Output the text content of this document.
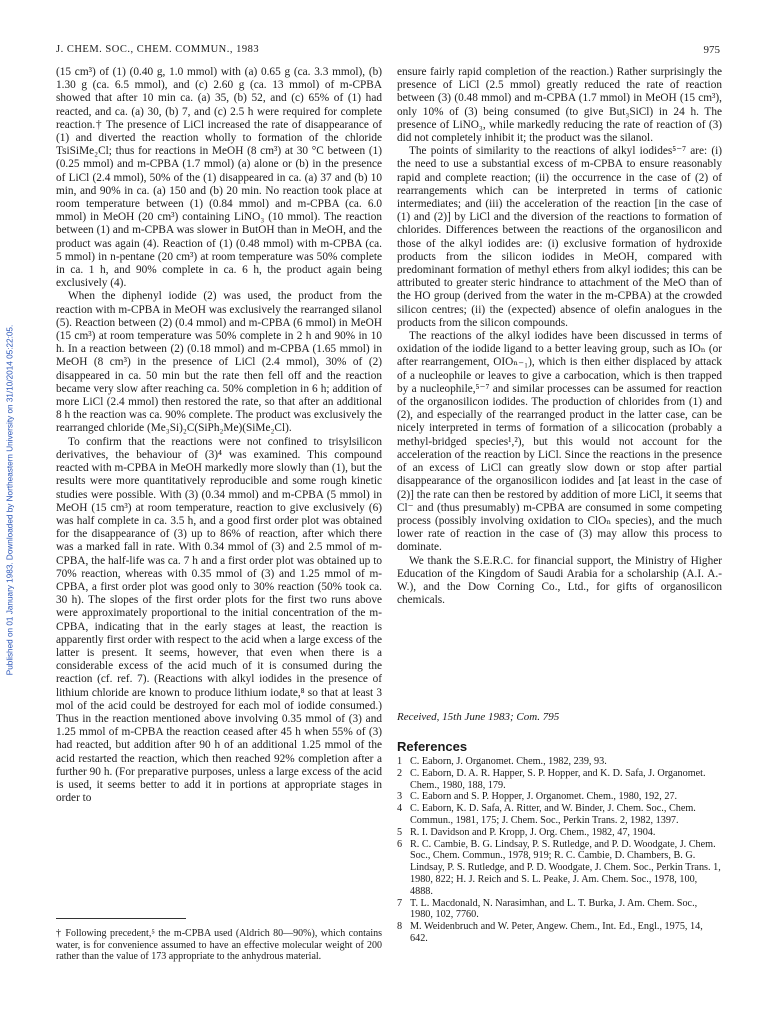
J. CHEM. SOC., CHEM. COMMUN., 1983	975
Published on 01 January 1983. Downloaded by Northeastern University on 31/10/2014 05:22:05.

(15 cm³) of (1) (0.40 g, 1.0 mmol) with (a) 0.65 g (ca. 3.3 mmol), (b) 1.30 g (ca. 6.5 mmol), and (c) 2.60 g (ca. 13 mmol) of m-CPBA showed that after 10 min ca. (a) 35, (b) 52, and (c) 65% of (1) had reacted, and ca. (a) 30, (b) 7, and (c) 2.5 h were required for complete reaction.† The presence of LiCl increased the rate of disappearance of (1) and diverted the reaction wholly to formation of the chloride TsiSiMe₂Cl; thus for reactions in MeOH (8 cm³) at 30 °C between (1) (0.25 mmol) and m-CPBA (1.7 mmol) (a) alone or (b) in the presence of LiCl (2.4 mmol), 50% of the (1) disappeared in ca. (a) 37 and (b) 10 min, and 90% in ca. (a) 150 and (b) 20 min. No reaction took place at room temperature between (1) (0.84 mmol) and m-CPBA (ca. 6.0 mmol) in MeOH (20 cm³) containing LiNO₃ (10 mmol). The reaction between (1) and m-CPBA was slower in ButOH than in MeOH, and the product was again (4). Reaction of (1) (0.48 mmol) with m-CPBA (ca. 5 mmol) in n-pentane (20 cm³) at room temperature was 50% complete in ca. 1 h, and 90% complete in ca. 6 h, the product again being exclusively (4).

When the diphenyl iodide (2) was used, the product from the reaction with m-CPBA in MeOH was exclusively the rearranged silanol (5). Reaction between (2) (0.4 mmol) and m-CPBA (6 mmol) in MeOH (15 cm³) at room temperature was 50% complete in 2 h and 90% in 10 h. In a reaction between (2) (0.18 mmol) and m-CPBA (1.65 mmol) in MeOH (8 cm³) in the presence of LiCl (2.4 mmol), 30% of (2) disappeared in ca. 50 min but the rate then fell off and the reaction became very slow after reaching ca. 50% completion in 6 h; addition of more LiCl (2.4 mmol) then restored the rate, so that after an additional 8 h the reaction was ca. 90% complete. The product was exclusively the rearranged chloride (Me₃Si)₂C(SiPh₂Me)(SiMe₂Cl).

To confirm that the reactions were not confined to trisylsilicon derivatives, the behaviour of (3)⁴ was examined. This compound reacted with m-CPBA in MeOH markedly more slowly than (1), but the results were more quantitatively reproducible and some rough kinetic studies were possible. With (3) (0.34 mmol) and m-CPBA (5 mmol) in MeOH (15 cm³) at room temperature, reaction to give exclusively (6) was half complete in ca. 3.5 h, and a good first order plot was obtained for the disappearance of (3) up to 86% of reaction, after which there was a marked fall in rate. With 0.34 mmol of (3) and 2.5 mmol of m-CPBA, the half-life was ca. 7 h and a first order plot was obtained up to 70% reaction, whereas with 0.35 mmol of (3) and 1.25 mmol of m-CPBA, a first order plot was good only to 30% reaction (50% took ca. 30 h). The slopes of the first order plots for the first two runs above were approximately proportional to the initial concentration of the m-CPBA, indicating that in the early stages at least, the reaction is apparently first order with respect to the acid when a large excess of the latter is present. It seems, however, that even when there is a considerable excess of the acid much of it is consumed during the reaction (cf. ref. 7). (Reactions with alkyl iodides in the presence of lithium chloride are known to produce lithium iodate,⁸ so that at least 3 mol of the acid could be destroyed for each mol of iodide consumed.) Thus in the reaction mentioned above involving 0.35 mmol of (3) and 1.25 mmol of m-CPBA the reaction ceased after 45 h when 55% of (3) had reacted, but addition after 90 h of an additional 1.25 mmol of the acid restarted the reaction, which then reached 92% completion after a further 90 h. (For preparative purposes, unless a large excess of the acid is used, it seems better to add it in portions at appropriate stages in order to

† Following precedent,⁵ the m-CPBA used (Aldrich 80—90%), which contains water, is for convenience assumed to have an effective molecular weight of 200 rather than the value of 173 appropriate to the anhydrous material.

ensure fairly rapid completion of the reaction.) Rather surprisingly the presence of LiCl (2.5 mmol) greatly reduced the rate of reaction between (3) (0.48 mmol) and m-CPBA (1.7 mmol) in MeOH (15 cm³), only 10% of (3) being consumed (to give But₃SiCl) in 24 h. The presence of LiNO₃, while markedly reducing the rate of reaction of (3) did not completely inhibit it; the product was the silanol.

The points of similarity to the reactions of alkyl iodides⁵⁻⁷ are: (i) the need to use a substantial excess of m-CPBA to ensure reasonably rapid and complete reaction; (ii) the occurrence in the case of (2) of rearrangements which can be interpreted in terms of cationic intermediates; and (iii) the acceleration of the reaction [in the case of (1) and (2)] by LiCl and the diversion of the reactions to formation of chlorides. Differences between the reactions of the organosilicon and those of the alkyl iodides are: (i) exclusive formation of hydroxide products from the silicon iodides in MeOH, compared with predominant formation of methyl ethers from alkyl iodides; this can be attributed to greater steric hindrance to attachment of the MeO than of the HO group (derived from the water in the m-CPBA) at the crowded silicon centres; (ii) the (expected) absence of olefin analogues in the products from the silicon compounds.

The reactions of the alkyl iodides have been discussed in terms of oxidation of the iodide ligand to a better leaving group, such as IOₙ (or after rearrangement, OIOₙ₋₁), which is then either displaced by attack of a nucleophile or leaves to give a carbocation, which is then trapped by a nucleophile,⁵⁻⁷ and similar processes can be assumed for reaction of the organosilicon iodides. The production of chlorides from (1) and (2), and especially of the rearranged product in the latter case, can be nicely interpreted in terms of formation of a silicocation (probably a methyl-bridged species¹,²), but this would not account for the acceleration of the reaction by LiCl. Since the reactions in the presence of an excess of LiCl can greatly slow down or stop after partial disappearance of the organosilicon iodides and [at least in the case of (2)] the rate can then be restored by addition of more LiCl, it seems that Cl⁻ and (thus presumably) m-CPBA are consumed in some competing process (possibly involving oxidation to ClOₙ species), and the much lower rate of reaction in the case of (3) may allow this process to dominate.

We thank the S.E.R.C. for financial support, the Ministry of Higher Education of the Kingdom of Saudi Arabia for a scholarship (A.I. A.-W.), and the Dow Corning Co., Ltd., for gifts of organosilicon chemicals.

Received, 15th June 1983; Com. 795
References

1 C. Eaborn, J. Organomet. Chem., 1982, 239, 93.

2 C. Eaborn, D. A. R. Happer, S. P. Hopper, and K. D. Safa, J. Organomet. Chem., 1980, 188, 179.

3 C. Eaborn and S. P. Hopper, J. Organomet. Chem., 1980, 192, 27.

4 C. Eaborn, K. D. Safa, A. Ritter, and W. Binder, J. Chem. Soc., Chem. Commun., 1981, 175; J. Chem. Soc., Perkin Trans. 2, 1982, 1397.

5 R. I. Davidson and P. Kropp, J. Org. Chem., 1982, 47, 1904.

6 R. C. Cambie, B. G. Lindsay, P. S. Rutledge, and P. D. Woodgate, J. Chem. Soc., Chem. Commun., 1978, 919; R. C. Cambie, D. Chambers, B. G. Lindsay, P. S. Rutledge, and P. D. Woodgate, J. Chem. Soc., Perkin Trans. 1, 1980, 822; H. J. Reich and S. L. Peake, J. Am. Chem. Soc., 1978, 100, 4888.

7 T. L. Macdonald, N. Narasimhan, and L. T. Burka, J. Am. Chem. Soc., 1980, 102, 7760.

8 M. Weidenbruch and W. Peter, Angew. Chem., Int. Ed., Engl., 1975, 14, 642.
